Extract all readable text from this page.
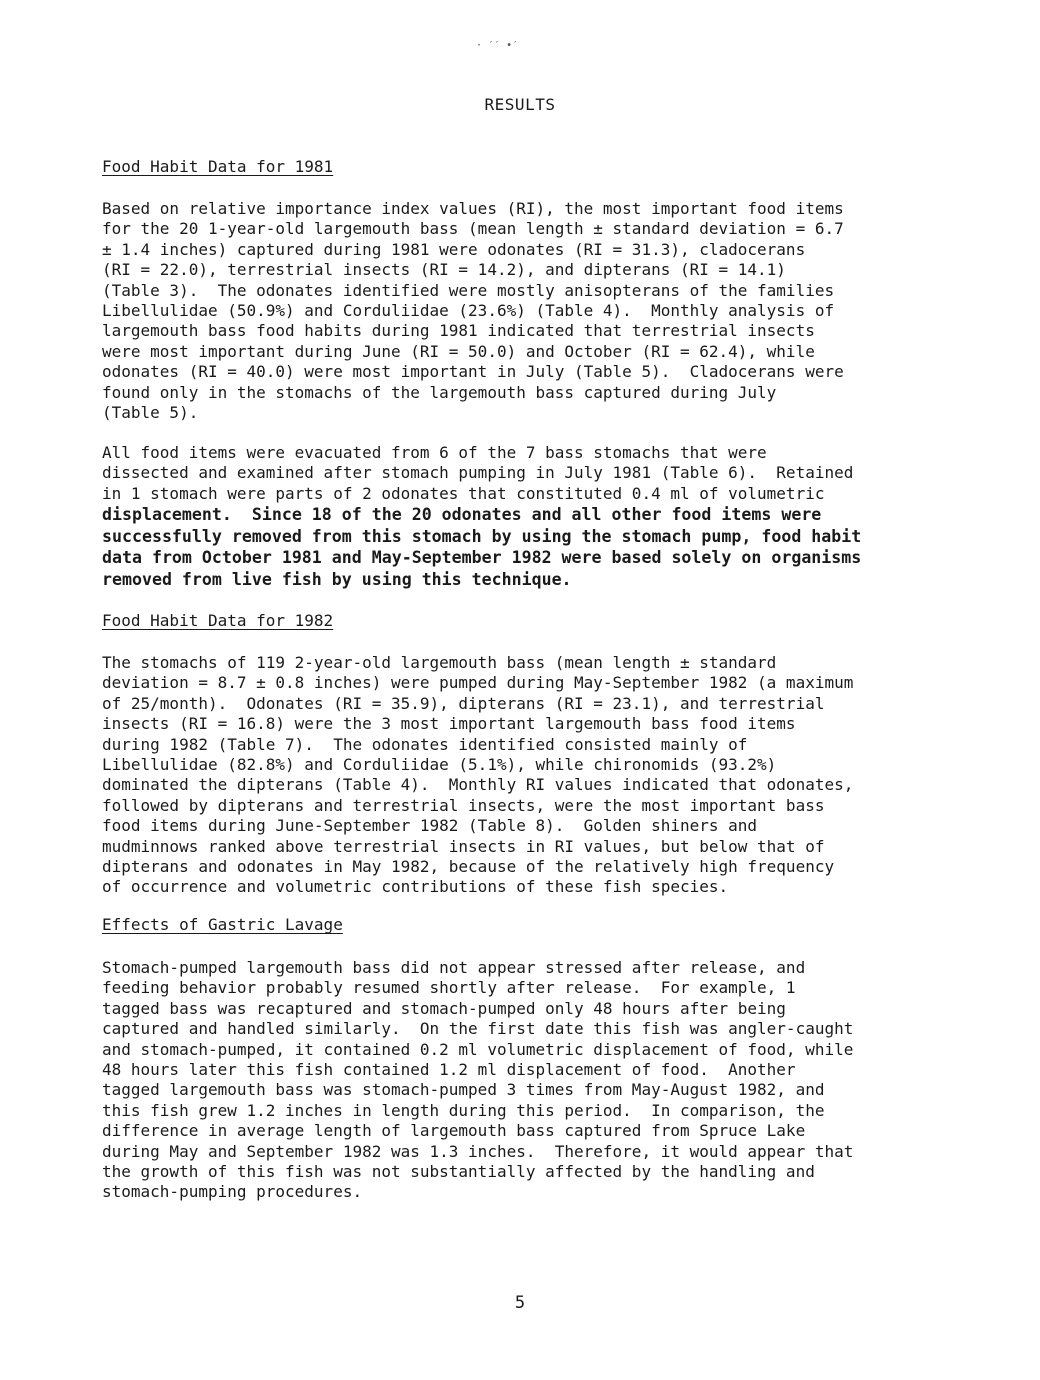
· ′′ •′
RESULTS
Food Habit Data for 1981
Based on relative importance index values (RI), the most important food items
for the 20 1-year-old largemouth bass (mean length ± standard deviation = 6.7
± 1.4 inches) captured during 1981 were odonates (RI = 31.3), cladocerans
(RI = 22.0), terrestrial insects (RI = 14.2), and dipterans (RI = 14.1)
(Table 3).  The odonates identified were mostly anisopterans of the families
Libellulidae (50.9%) and Corduliidae (23.6%) (Table 4).  Monthly analysis of
largemouth bass food habits during 1981 indicated that terrestrial insects
were most important during June (RI = 50.0) and October (RI = 62.4), while
odonates (RI = 40.0) were most important in July (Table 5).  Cladocerans were
found only in the stomachs of the largemouth bass captured during July
(Table 5).
All food items were evacuated from 6 of the 7 bass stomachs that were
dissected and examined after stomach pumping in July 1981 (Table 6).  Retained
in 1 stomach were parts of 2 odonates that constituted 0.4 ml of volumetric
displacement.  Since 18 of the 20 odonates and all other food items were
successfully removed from this stomach by using the stomach pump, food habit
data from October 1981 and May-September 1982 were based solely on organisms
removed from live fish by using this technique.
Food Habit Data for 1982
The stomachs of 119 2-year-old largemouth bass (mean length ± standard
deviation = 8.7 ± 0.8 inches) were pumped during May-September 1982 (a maximum
of 25/month).  Odonates (RI = 35.9), dipterans (RI = 23.1), and terrestrial
insects (RI = 16.8) were the 3 most important largemouth bass food items
during 1982 (Table 7).  The odonates identified consisted mainly of
Libellulidae (82.8%) and Corduliidae (5.1%), while chironomids (93.2%)
dominated the dipterans (Table 4).  Monthly RI values indicated that odonates,
followed by dipterans and terrestrial insects, were the most important bass
food items during June-September 1982 (Table 8).  Golden shiners and
mudminnows ranked above terrestrial insects in RI values, but below that of
dipterans and odonates in May 1982, because of the relatively high frequency
of occurrence and volumetric contributions of these fish species.
Effects of Gastric Lavage
Stomach-pumped largemouth bass did not appear stressed after release, and
feeding behavior probably resumed shortly after release.  For example, 1
tagged bass was recaptured and stomach-pumped only 48 hours after being
captured and handled similarly.  On the first date this fish was angler-caught
and stomach-pumped, it contained 0.2 ml volumetric displacement of food, while
48 hours later this fish contained 1.2 ml displacement of food.  Another
tagged largemouth bass was stomach-pumped 3 times from May-August 1982, and
this fish grew 1.2 inches in length during this period.  In comparison, the
difference in average length of largemouth bass captured from Spruce Lake
during May and September 1982 was 1.3 inches.  Therefore, it would appear that
the growth of this fish was not substantially affected by the handling and
stomach-pumping procedures.
5
